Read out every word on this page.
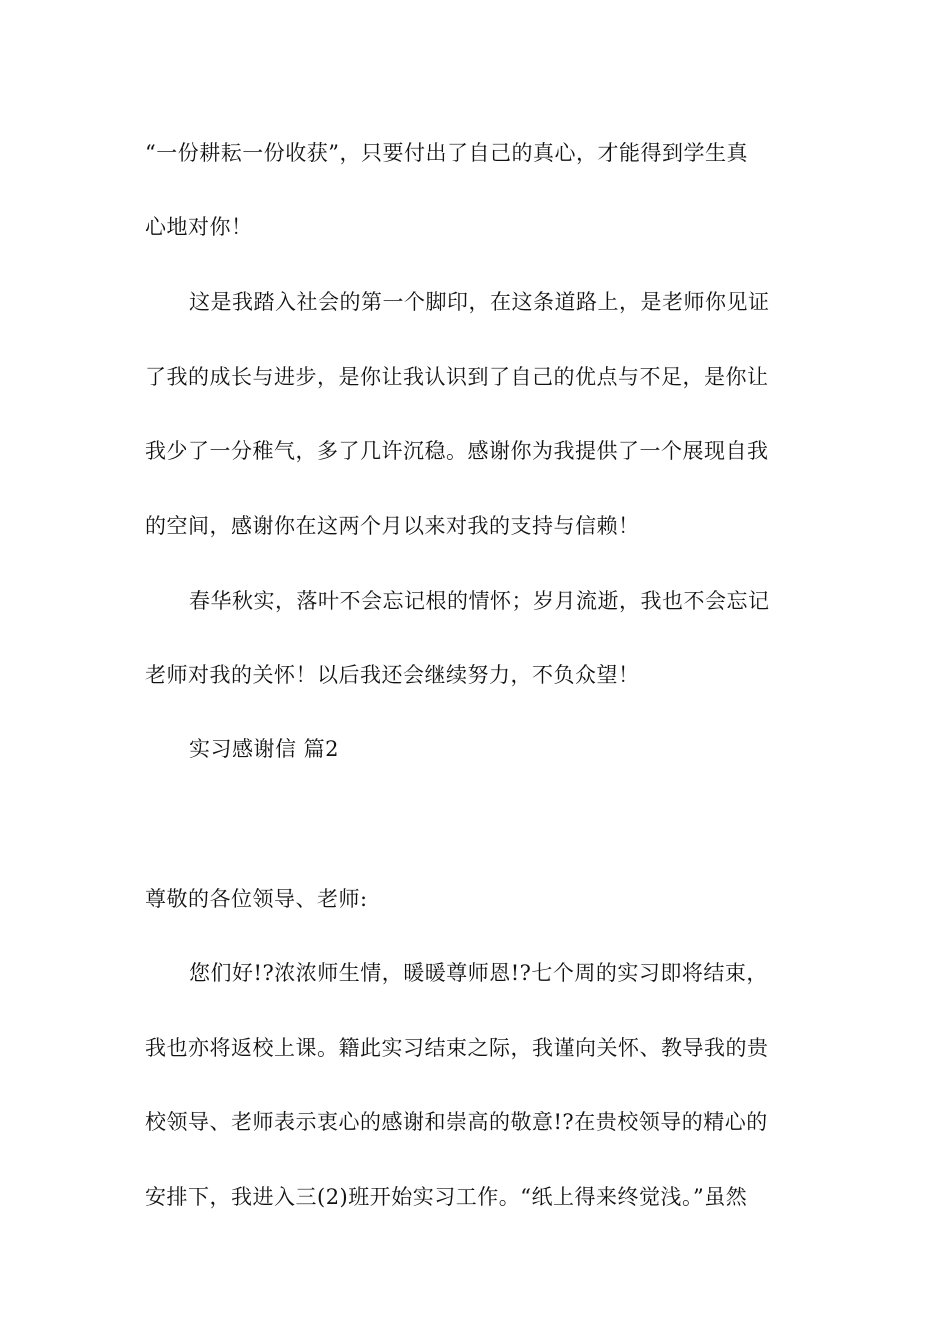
“一份耕耘一份收获”，只要付出了自己的真心，才能得到学生真

心地对你！

这是我踏入社会的第一个脚印，在这条道路上，是老师你见证

了我的成长与进步，是你让我认识到了自己的优点与不足，是你让

我少了一分稚气，多了几许沉稳。感谢你为我提供了一个展现自我

的空间，感谢你在这两个月以来对我的支持与信赖！

春华秋实，落叶不会忘记根的情怀；岁月流逝，我也不会忘记

老师对我的关怀！以后我还会继续努力，不负众望！

实习感谢信 篇2

尊敬的各位领导、老师:

您们好!?浓浓师生情，暖暖尊师恩!?七个周的实习即将结束，

我也亦将返校上课。籍此实习结束之际，我谨向关怀、教导我的贵

校领导、老师表示衷心的感谢和崇高的敬意!?在贵校领导的精心的

安排下，我进入三(2)班开始实习工作。“纸上得来终觉浅。”虽然
